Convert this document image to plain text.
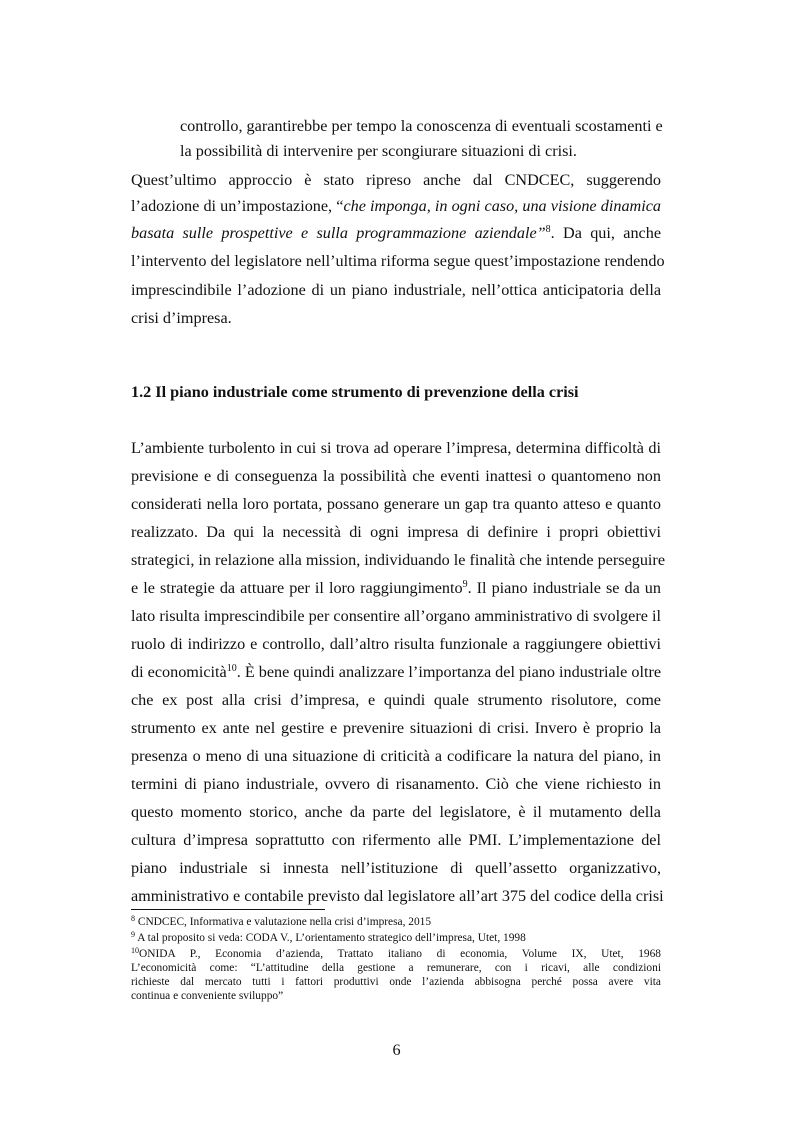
controllo, garantirebbe per tempo la conoscenza di eventuali scostamenti e
la possibilità di intervenire per scongiurare situazioni di crisi.
Quest’ultimo approccio è stato ripreso anche dal CNDCEC, suggerendo
l’adozione di un’impostazione, “che imponga, in ogni caso, una visione dinamica
basata sulle prospettive e sulla programmazione aziendale”$^8$. Da qui, anche
l’intervento del legislatore nell’ultima riforma segue quest’impostazione rendendo
imprescindibile l’adozione di un piano industriale, nell’ottica anticipatoria della
crisi d’impresa.
1.2 Il piano industriale come strumento di prevenzione della crisi
L’ambiente turbolento in cui si trova ad operare l’impresa, determina difficoltà di
previsione e di conseguenza la possibilità che eventi inattesi o quantomeno non
considerati nella loro portata, possano generare un gap tra quanto atteso e quanto
realizzato. Da qui la necessità di ogni impresa di definire i propri obiettivi
strategici, in relazione alla mission, individuando le finalità che intende perseguire
e le strategie da attuare per il loro raggiungimento$^9$. Il piano industriale se da un
lato risulta imprescindibile per consentire all’organo amministrativo di svolgere il
ruolo di indirizzo e controllo, dall’altro risulta funzionale a raggiungere obiettivi
di economicità$^{10}$. È bene quindi analizzare l’importanza del piano industriale oltre
che ex post alla crisi d’impresa, e quindi quale strumento risolutore, come
strumento ex ante nel gestire e prevenire situazioni di crisi. Invero è proprio la
presenza o meno di una situazione di criticità a codificare la natura del piano, in
termini di piano industriale, ovvero di risanamento. Ciò che viene richiesto in
questo momento storico, anche da parte del legislatore, è il mutamento della
cultura d’impresa soprattutto con rifermento alle PMI. L’implementazione del
piano industriale si innesta nell’istituzione di quell’assetto organizzativo,
amministrativo e contabile previsto dal legislatore all’art 375 del codice della crisi
$^8$ CNDCEC, Informativa e valutazione nella crisi d’impresa, 2015
$^9$ A tal proposito si veda: CODA V., L’orientamento strategico dell’impresa, Utet, 1998
$^{10}$ONIDA P., Economia d’azienda, Trattato italiano di economia, Volume IX, Utet, 1968
L’economicità come: “L’attitudine della gestione a remunerare, con i ricavi, alle condizioni
richieste dal mercato tutti i fattori produttivi onde l’azienda abbisogna perché possa avere vita
continua e conveniente sviluppo”
6
